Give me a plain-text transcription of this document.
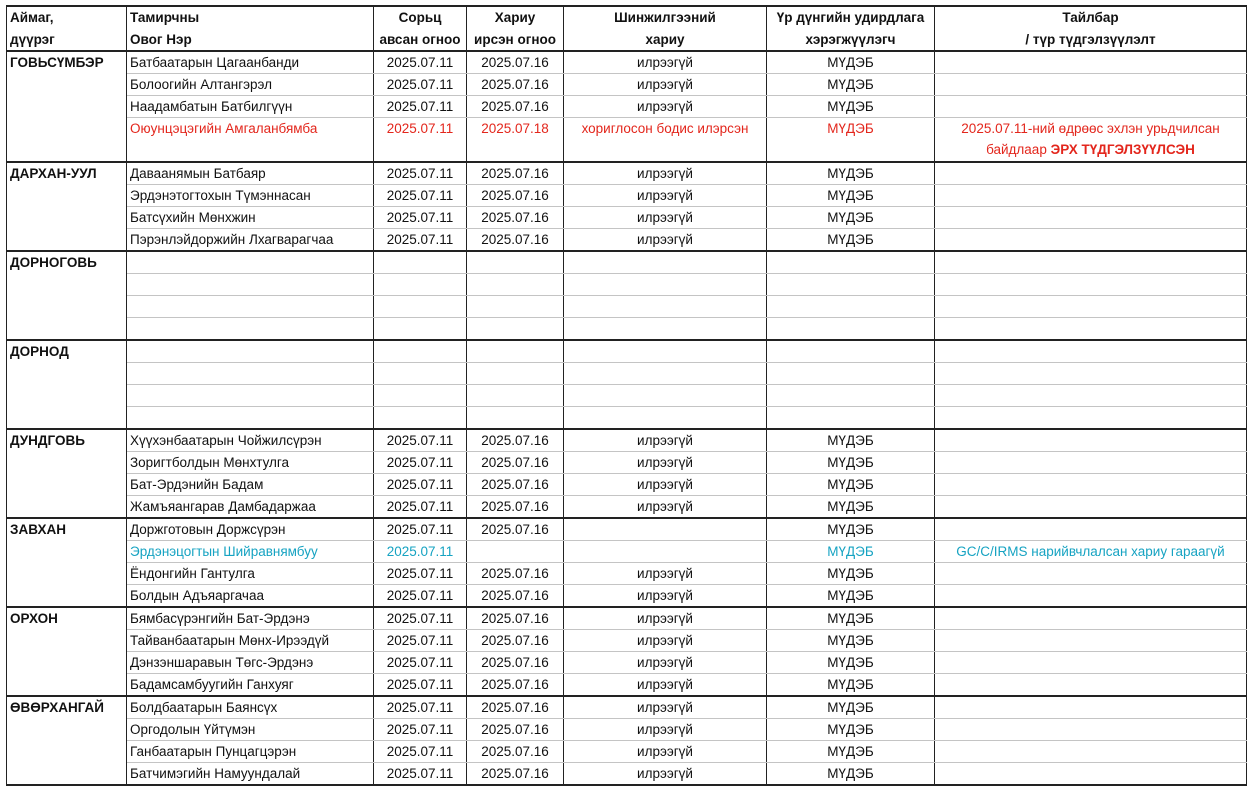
Аймаг,	Тамирчны	Сорьц	Хариу	Шинжилгээний	Үр дүнгийн удирдлага	Тайлбар
дүүрэг	Овог Нэр	авсан огноо	ирсэн огноо	хариу	хэрэгжүүлэгч	/ түр түдгэлзүүлэлт
ГОВЬСҮМБЭР	Батбаатарын Цагаанбанди	2025.07.11	2025.07.16	илрээгүй	МҮДЭБ	
	Болоогийн Алтангэрэл	2025.07.11	2025.07.16	илрээгүй	МҮДЭБ	
	Наадамбатын Батбилгүүн	2025.07.11	2025.07.16	илрээгүй	МҮДЭБ	
	Оюунцэцэгийн Амгаланбямба	2025.07.11	2025.07.18	хориглосон бодис илэрсэн	МҮДЭБ	2025.07.11-ний өдрөөс эхлэн урьдчилсан
байдлаар ЭРХ ТҮДГЭЛЗҮҮЛСЭН

ДАРХАН-УУЛ	Даваанямын Батбаяр	2025.07.11	2025.07.16	илрээгүй	МҮДЭБ	
	Эрдэнэтогтохын Түмэннасан	2025.07.11	2025.07.16	илрээгүй	МҮДЭБ	
	Батсүхийн Мөнхжин	2025.07.11	2025.07.16	илрээгүй	МҮДЭБ	
	Пэрэнлэйдоржийн Лхагварагчаа	2025.07.11	2025.07.16	илрээгүй	МҮДЭБ	
ДОРНОГОВЬ						

ДОРНОД						

ДУНДГОВЬ	Хүүхэнбаатарын Чойжилсүрэн	2025.07.11	2025.07.16	илрээгүй	МҮДЭБ	
	Зоригтболдын Мөнхтулга	2025.07.11	2025.07.16	илрээгүй	МҮДЭБ	
	Бат-Эрдэнийн Бадам	2025.07.11	2025.07.16	илрээгүй	МҮДЭБ	
	Жамъяангарав Дамбадаржаа	2025.07.11	2025.07.16	илрээгүй	МҮДЭБ	
ЗАВХАН	Доржготовын Доржсүрэн	2025.07.11	2025.07.16		МҮДЭБ	
	Эрдэнэцогтын Шийравнямбуу	2025.07.11			МҮДЭБ	GC/C/IRMS нарийвчлалсан хариу гараагүй
	Ёндонгийн Гантулга	2025.07.11	2025.07.16	илрээгүй	МҮДЭБ	
	Болдын Адъяаргачаа	2025.07.11	2025.07.16	илрээгүй	МҮДЭБ	
ОРХОН	Бямбасүрэнгийн Бат-Эрдэнэ	2025.07.11	2025.07.16	илрээгүй	МҮДЭБ	
	Тайванбаатарын Мөнх-Ирээдүй	2025.07.11	2025.07.16	илрээгүй	МҮДЭБ	
	Дэнзэншаравын Төгс-Эрдэнэ	2025.07.11	2025.07.16	илрээгүй	МҮДЭБ	
	Бадамсамбуугийн Ганхуяг	2025.07.11	2025.07.16	илрээгүй	МҮДЭБ	
ӨВӨРХАНГАЙ	Болдбаатарын Баянсүх	2025.07.11	2025.07.16	илрээгүй	МҮДЭБ	
	Оргодолын Үйтүмэн	2025.07.11	2025.07.16	илрээгүй	МҮДЭБ	
	Ганбаатарын Пунцагцэрэн	2025.07.11	2025.07.16	илрээгүй	МҮДЭБ	
	Батчимэгийн Намуундалай	2025.07.11	2025.07.16	илрээгүй	МҮДЭБ	
